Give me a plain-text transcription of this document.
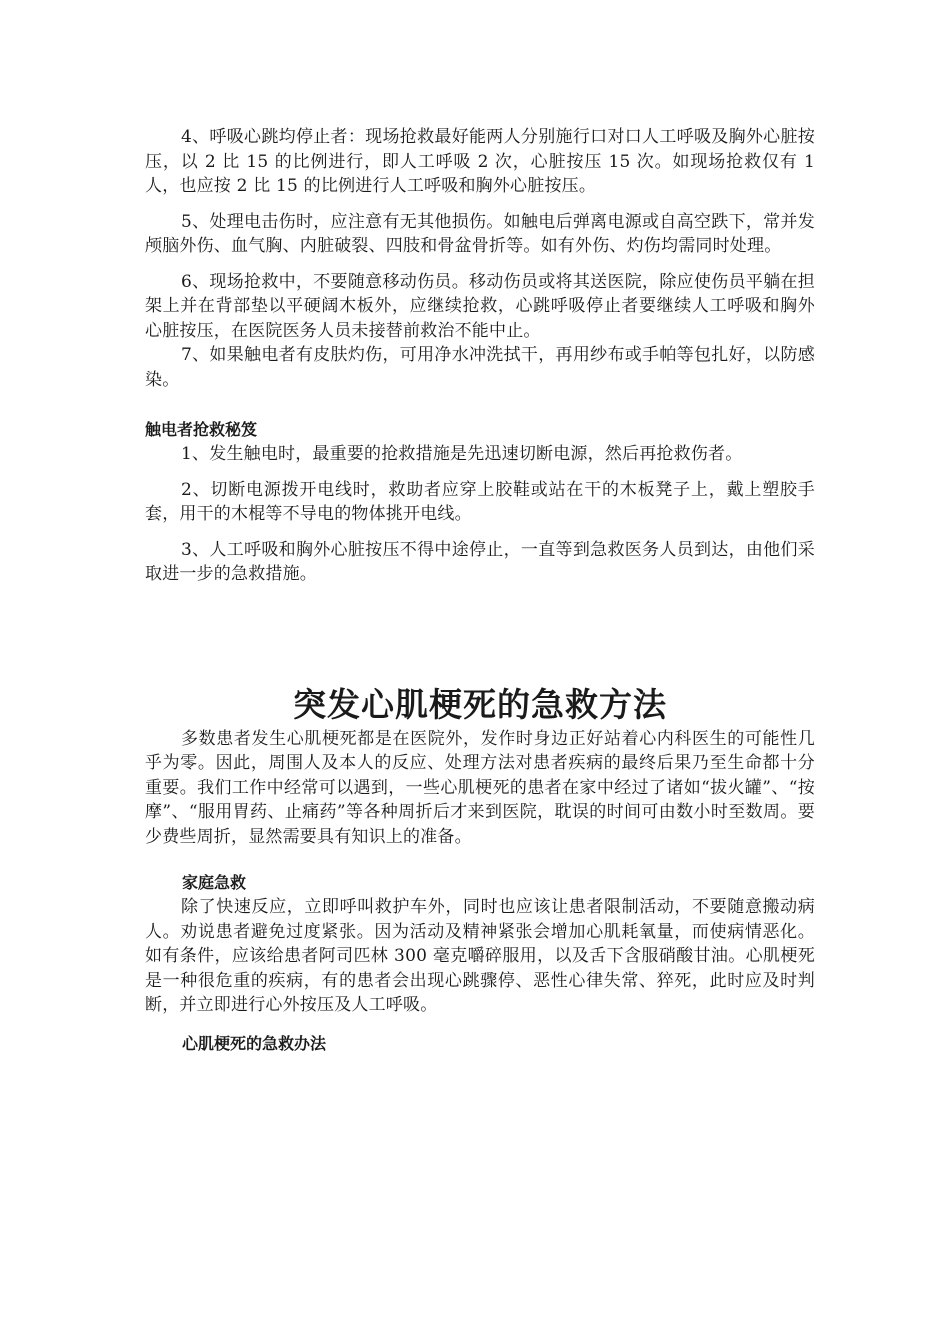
4、呼吸心跳均停止者：现场抢救最好能两人分别施行口对口人工呼吸及胸外心脏按压，以 2 比 15 的比例进行，即人工呼吸 2 次，心脏按压 15 次。如现场抢救仅有 1 人，也应按 2 比 15 的比例进行人工呼吸和胸外心脏按压。

5、处理电击伤时，应注意有无其他损伤。如触电后弹离电源或自高空跌下，常并发颅脑外伤、血气胸、内脏破裂、四肢和骨盆骨折等。如有外伤、灼伤均需同时处理。

6、现场抢救中，不要随意移动伤员。移动伤员或将其送医院，除应使伤员平躺在担架上并在背部垫以平硬阔木板外，应继续抢救，心跳呼吸停止者要继续人工呼吸和胸外心脏按压，在医院医务人员未接替前救治不能中止。

7、如果触电者有皮肤灼伤，可用净水冲洗拭干，再用纱布或手帕等包扎好，以防感染。

触电者抢救秘笈

1、发生触电时，最重要的抢救措施是先迅速切断电源，然后再抢救伤者。

2、切断电源拨开电线时，救助者应穿上胶鞋或站在干的木板凳子上，戴上塑胶手套，用干的木棍等不导电的物体挑开电线。

3、人工呼吸和胸外心脏按压不得中途停止，一直等到急救医务人员到达，由他们采取进一步的急救措施。

突发心肌梗死的急救方法

多数患者发生心肌梗死都是在医院外，发作时身边正好站着心内科医生的可能性几乎为零。因此，周围人及本人的反应、处理方法对患者疾病的最终后果乃至生命都十分重要。我们工作中经常可以遇到，一些心肌梗死的患者在家中经过了诸如“拔火罐”、“按摩”、“服用胃药、止痛药”等各种周折后才来到医院，耽误的时间可由数小时至数周。要少费些周折，显然需要具有知识上的准备。

家庭急救

除了快速反应，立即呼叫救护车外，同时也应该让患者限制活动，不要随意搬动病人。劝说患者避免过度紧张。因为活动及精神紧张会增加心肌耗氧量，而使病情恶化。如有条件，应该给患者阿司匹林 300 毫克嚼碎服用，以及舌下含服硝酸甘油。心肌梗死是一种很危重的疾病，有的患者会出现心跳骤停、恶性心律失常、猝死，此时应及时判断，并立即进行心外按压及人工呼吸。

心肌梗死的急救办法
